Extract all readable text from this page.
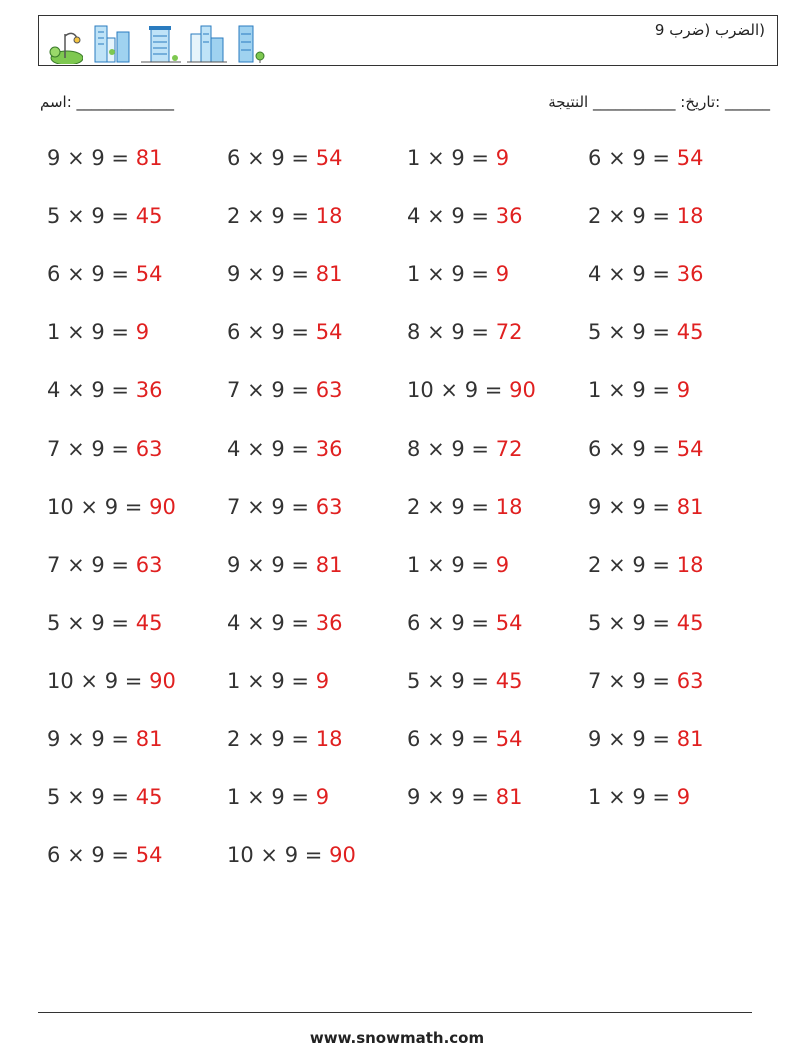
(الضرب (ضرب 9
______ :تاريخ: ___________ النتيجة
_____________ :اسم
9 × 9 = 81
5 × 9 = 45
6 × 9 = 54
1 × 9 = 9
4 × 9 = 36
7 × 9 = 63
10 × 9 = 90
7 × 9 = 63
5 × 9 = 45
10 × 9 = 90
9 × 9 = 81
5 × 9 = 45
6 × 9 = 54
6 × 9 = 54
2 × 9 = 18
9 × 9 = 81
6 × 9 = 54
7 × 9 = 63
4 × 9 = 36
7 × 9 = 63
9 × 9 = 81
4 × 9 = 36
1 × 9 = 9
2 × 9 = 18
1 × 9 = 9
10 × 9 = 90
1 × 9 = 9
4 × 9 = 36
1 × 9 = 9
8 × 9 = 72
10 × 9 = 90
8 × 9 = 72
2 × 9 = 18
1 × 9 = 9
6 × 9 = 54
5 × 9 = 45
6 × 9 = 54
9 × 9 = 81
6 × 9 = 54
2 × 9 = 18
4 × 9 = 36
5 × 9 = 45
1 × 9 = 9
6 × 9 = 54
9 × 9 = 81
2 × 9 = 18
5 × 9 = 45
7 × 9 = 63
9 × 9 = 81
1 × 9 = 9
www.snowmath.com
